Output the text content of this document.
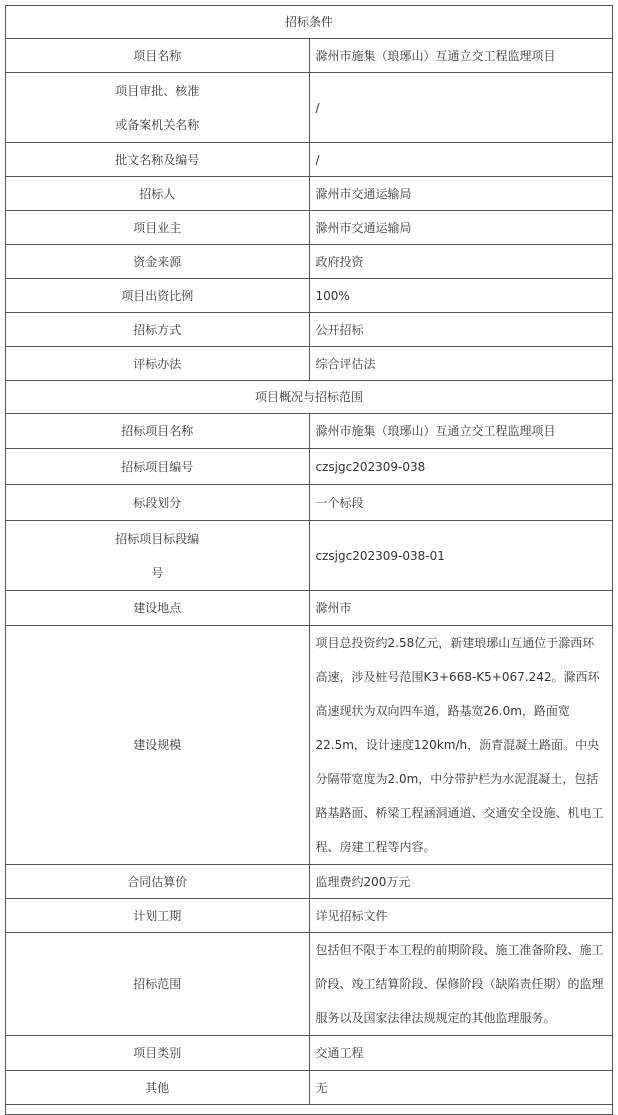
招标条件	
项目名称	滁州市施集（琅琊山）互通立交工程监理项目
项目审批、核准
或备案机关名称	/
批文名称及编号	/
招标人	滁州市交通运输局
项目业主	滁州市交通运输局
资金来源	政府投资
项目出资比例	100%
招标方式	公开招标
评标办法	综合评估法
项目概况与招标范围	
招标项目名称	滁州市施集（琅琊山）互通立交工程监理项目
招标项目编号	czsjgc202309-038
标段划分	一个标段
招标项目标段编
号	czsjgc202309-038-01
建设地点	滁州市
建设规模	项目总投资约2.58亿元，新建琅琊山互通位于滁西环高速，涉及桩号范围K3+668-K5+067.242。滁西环高速现状为双向四车道，路基宽26.0m，路面宽22.5m，设计速度120km/h，沥青混凝土路面。中央分隔带宽度为2.0m，中分带护栏为水泥混凝土，包括路基路面、桥梁工程涵洞通道、交通安全设施、机电工程、房建工程等内容。
合同估算价	监理费约200万元
计划工期	详见招标文件
招标范围	包括但不限于本工程的前期阶段、施工准备阶段、施工阶段、竣工结算阶段、保修阶段（缺陷责任期）的监理服务以及国家法律法规规定的其他监理服务。
项目类别	交通工程
其他	无
